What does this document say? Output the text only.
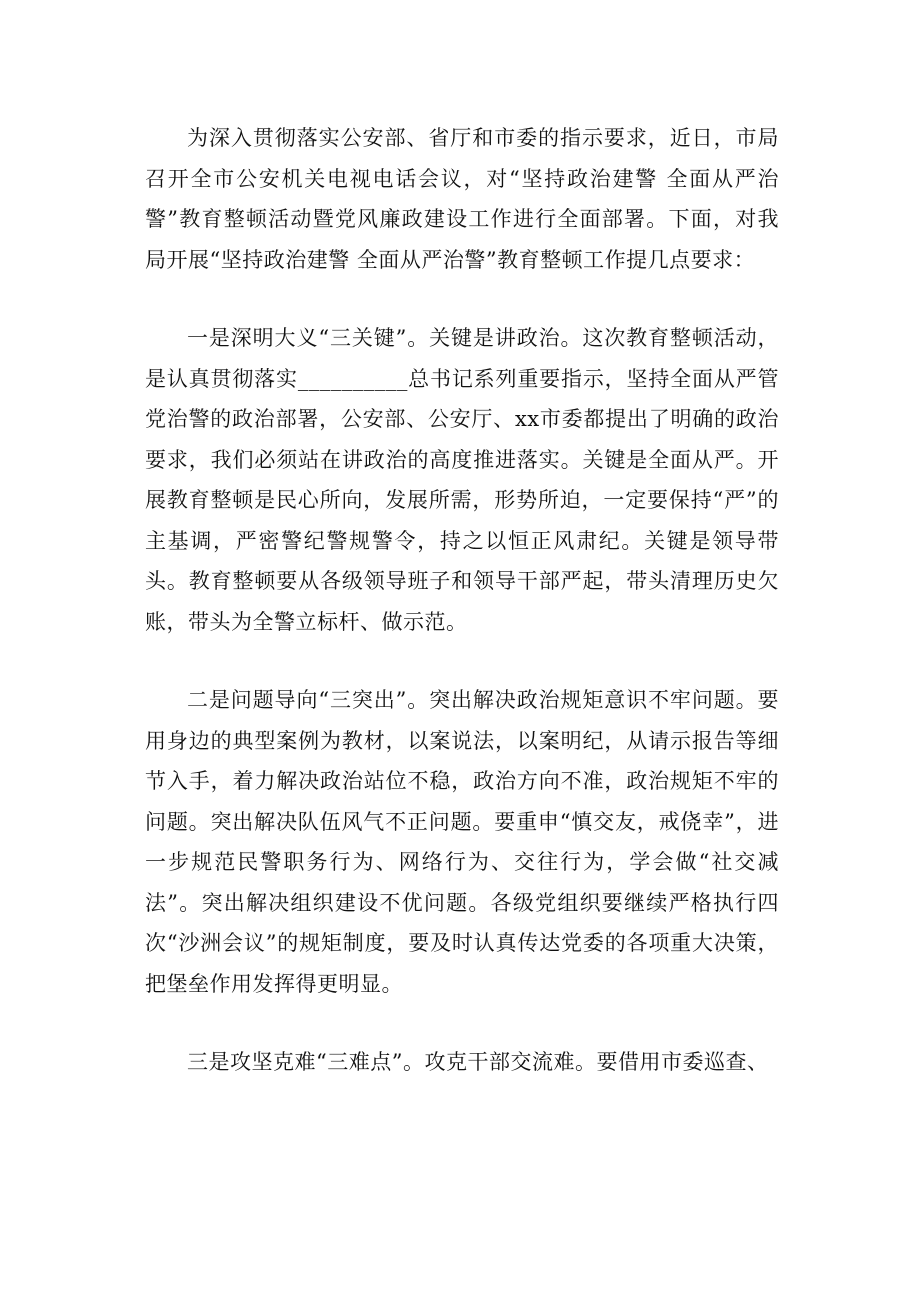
为深入贯彻落实公安部、省厅和市委的指示要求，近日，市局召开全市公安机关电视电话会议，对“坚持政治建警 全面从严治警”教育整顿活动暨党风廉政建设工作进行全面部署。下面，对我局开展“坚持政治建警 全面从严治警”教育整顿工作提几点要求：

一是深明大义“三关键”。关键是讲政治。这次教育整顿活动，是认真贯彻落实__________总书记系列重要指示，坚持全面从严管党治警的政治部署，公安部、公安厅、xx市委都提出了明确的政治要求，我们必须站在讲政治的高度推进落实。关键是全面从严。开展教育整顿是民心所向，发展所需，形势所迫，一定要保持“严”的主基调，严密警纪警规警令，持之以恒正风肃纪。关键是领导带头。教育整顿要从各级领导班子和领导干部严起，带头清理历史欠账，带头为全警立标杆、做示范。

二是问题导向“三突出”。突出解决政治规矩意识不牢问题。要用身边的典型案例为教材，以案说法，以案明纪，从请示报告等细节入手，着力解决政治站位不稳，政治方向不准，政治规矩不牢的问题。突出解决队伍风气不正问题。要重申“慎交友，戒侥幸”，进一步规范民警职务行为、网络行为、交往行为，学会做“社交减法”。突出解决组织建设不优问题。各级党组织要继续严格执行四次“沙洲会议”的规矩制度，要及时认真传达党委的各项重大决策，把堡垒作用发挥得更明显。

三是攻坚克难“三难点”。攻克干部交流难。要借用市委巡查、
